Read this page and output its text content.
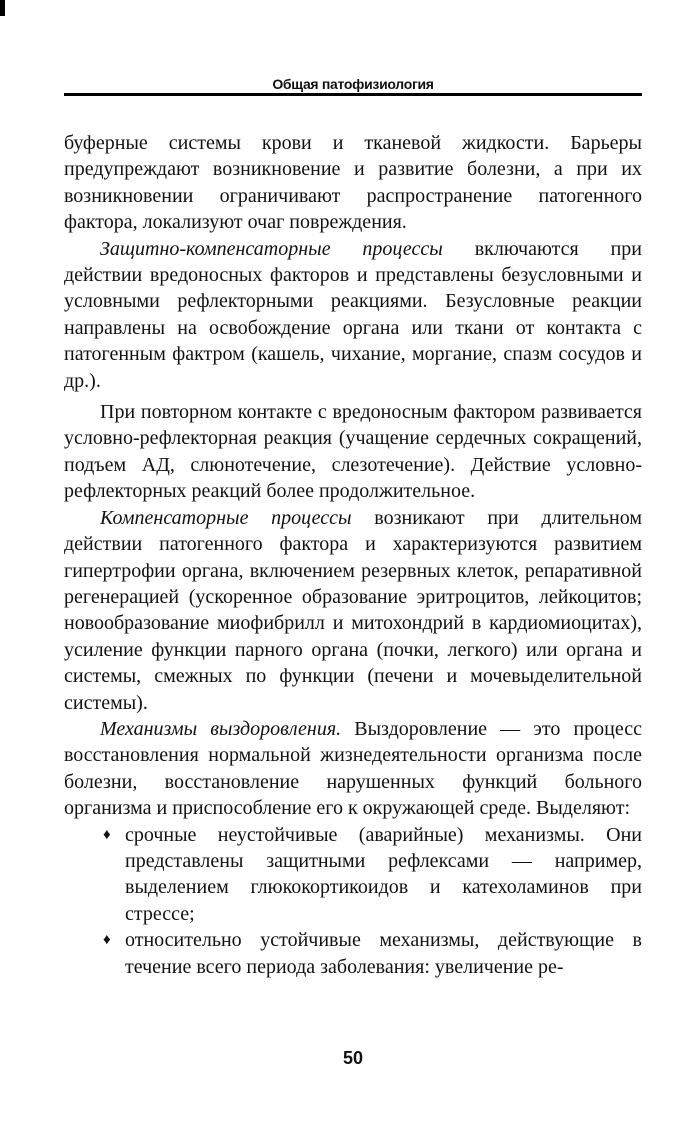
Общая патофизиология

буферные системы крови и тканевой жидкости. Барьеры предупреждают возникновение и развитие болезни, а при их возникновении ограничивают распространение патогенного фактора, локализуют очаг повреждения.

Защитно-компенсаторные процессы включаются при действии вредоносных факторов и представлены безусловными и условными рефлекторными реакциями. Безусловные реакции направлены на освобождение органа или ткани от контакта с патогенным фактром (кашель, чихание, моргание, спазм сосудов и др.).

При повторном контакте с вредоносным фактором развивается условно-рефлекторная реакция (учащение сердечных сокращений, подъем АД, слюнотечение, слезотечение). Действие условно-рефлекторных реакций более продолжительное.

Компенсаторные процессы возникают при длительном действии патогенного фактора и характеризуются развитием гипертрофии органа, включением резервных клеток, репаративной регенерацией (ускоренное образование эритроцитов, лейкоцитов; новообразование миофибрилл и митохондрий в кардиомиоцитах), усиление функции парного органа (почки, легкого) или органа и системы, смежных по функции (печени и мочевыделительной системы).

Механизмы выздоровления. Выздоровление — это процесс восстановления нормальной жизнедеятельности организма после болезни, восстановление нарушенных функций больного организма и приспособление его к окружающей среде. Выделяют:

♦ срочные неустойчивые (аварийные) механизмы. Они представлены защитными рефлексами — например, выделением глюкокортикоидов и катехоламинов при стрессе;
♦ относительно устойчивые механизмы, действующие в течение всего периода заболевания: увеличение ре-
50
